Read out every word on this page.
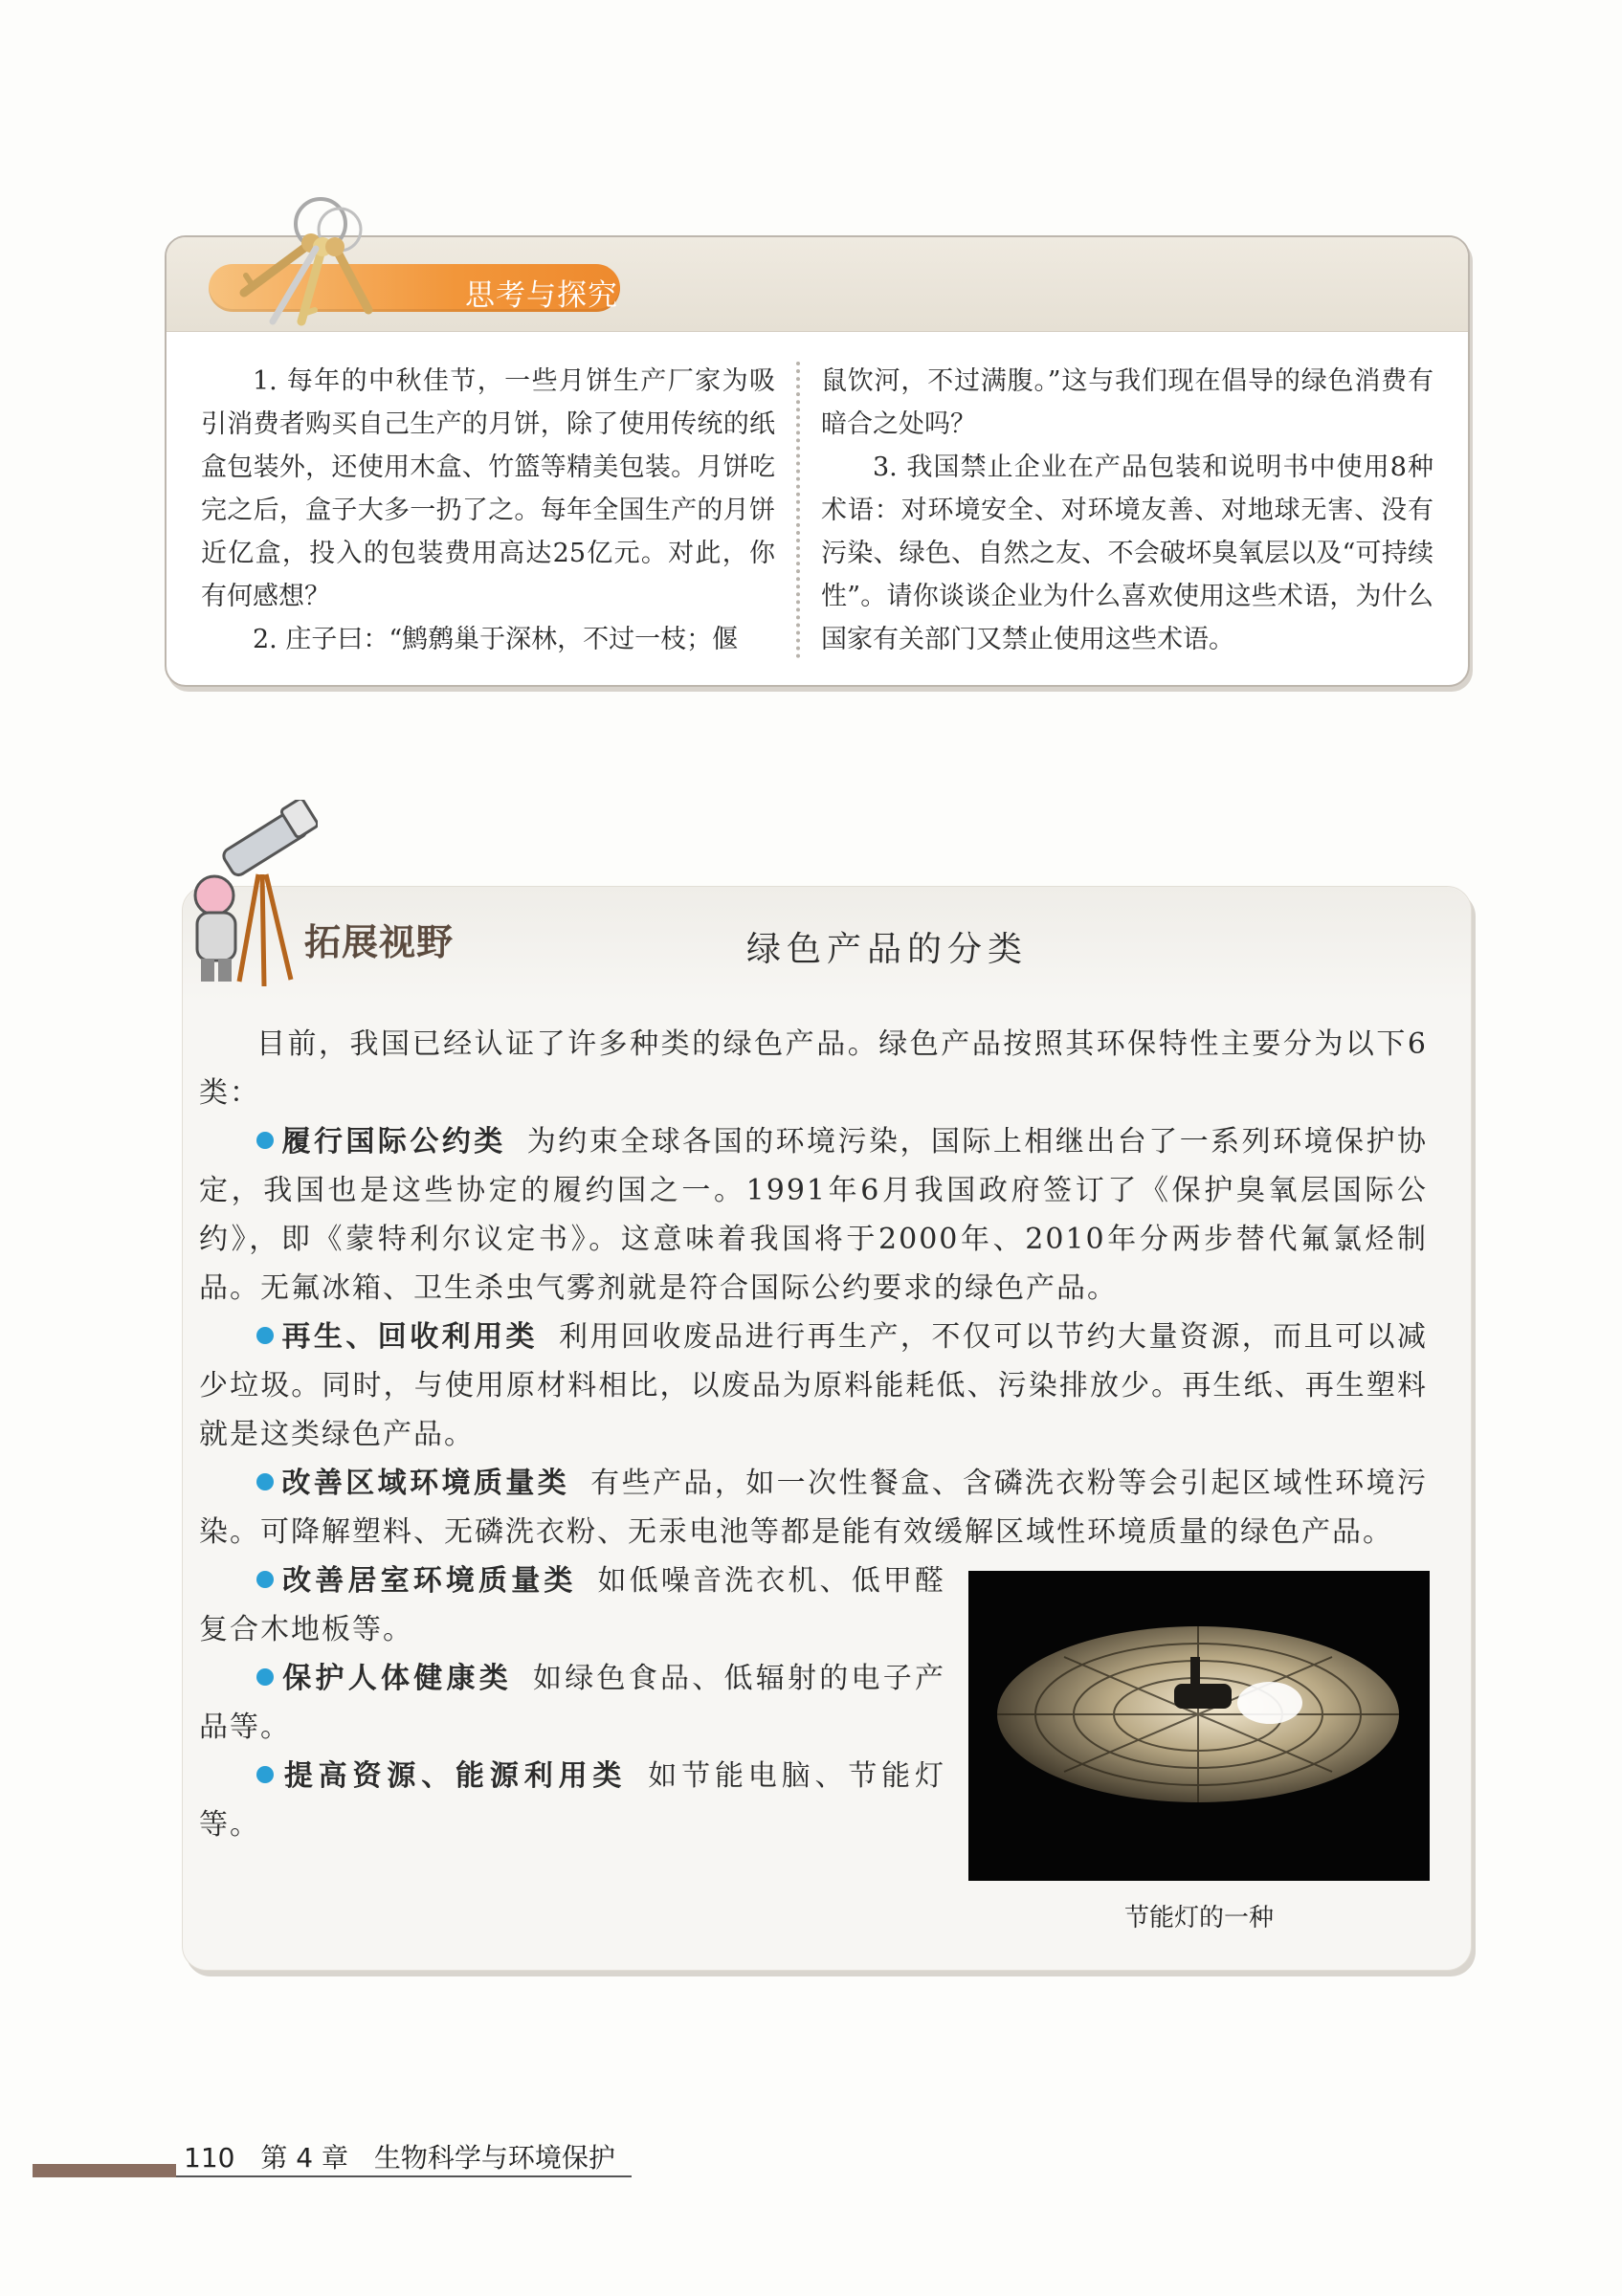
思考与探究

1. 每年的中秋佳节，一些月饼生产厂家为吸引消费者购买自己生产的月饼，除了使用传统的纸盒包装外，还使用木盒、竹篮等精美包装。月饼吃完之后，盒子大多一扔了之。每年全国生产的月饼近亿盒，投入的包装费用高达25亿元。对此，你有何感想？

2. 庄子曰：“鹪鹩巢于深林，不过一枝；偃

鼠饮河，不过满腹。”这与我们现在倡导的绿色消费有暗合之处吗？

3. 我国禁止企业在产品包装和说明书中使用8种术语：对环境安全、对环境友善、对地球无害、没有污染、绿色、自然之友、不会破坏臭氧层以及“可持续性”。请你谈谈企业为什么喜欢使用这些术语，为什么国家有关部门又禁止使用这些术语。

拓展视野	绿色产品的分类

目前，我国已经认证了许多种类的绿色产品。绿色产品按照其环保特性主要分为以下6类：

履行国际公约类 为约束全球各国的环境污染，国际上相继出台了一系列环境保护协定，我国也是这些协定的履约国之一。1991年6月我国政府签订了《保护臭氧层国际公约》，即《蒙特利尔议定书》。这意味着我国将于2000年、2010年分两步替代氟氯烃制品。无氟冰箱、卫生杀虫气雾剂就是符合国际公约要求的绿色产品。

再生、回收利用类 利用回收废品进行再生产，不仅可以节约大量资源，而且可以减少垃圾。同时，与使用原材料相比，以废品为原料能耗低、污染排放少。再生纸、再生塑料就是这类绿色产品。

改善区域环境质量类 有些产品，如一次性餐盒、含磷洗衣粉等会引起区域性环境污染。可降解塑料、无磷洗衣粉、无汞电池等都是能有效缓解区域性环境质量的绿色产品。

改善居室环境质量类 如低噪音洗衣机、低甲醛复合木地板等。

保护人体健康类 如绿色食品、低辐射的电子产品等。

提高资源、能源利用类 如节能电脑、节能灯等。

节能灯的一种
110 第 4 章 生物科学与环境保护
